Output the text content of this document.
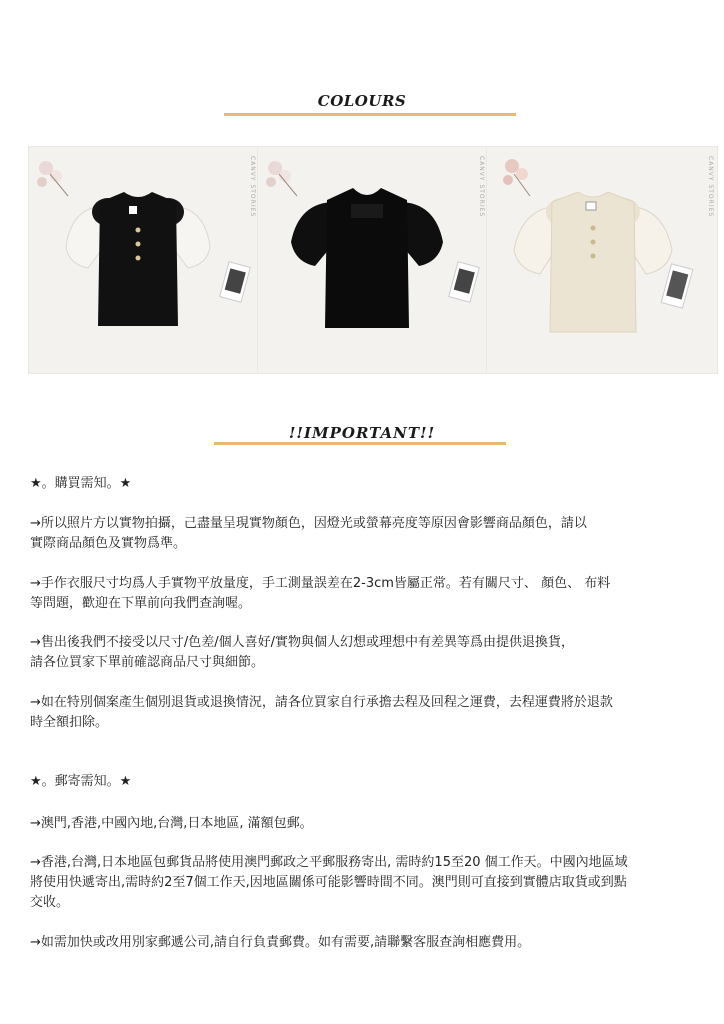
COLOURS
CANVY STORIES	CANVY STORIES	CANVY STORIES
!!IMPORTANT!!
★。購買需知。★
→所以照片方以實物拍攝，己盡量呈現實物顏色，因燈光或螢幕亮度等原因會影響商品顏色，請以
實際商品顏色及實物爲準。
→手作衣服尺寸均爲人手實物平放量度，手工測量誤差在2-3cm皆屬正常。若有關尺寸、 顏色、 布料
等問題，歡迎在下單前向我們查詢喔。
→售出後我們不接受以尺寸/色差/個人喜好/實物與個人幻想或理想中有差異等爲由提供退換貨，
請各位買家下單前確認商品尺寸與細節。
→如在特別個案產生個別退貨或退換情況，請各位買家自行承擔去程及回程之運費，去程運費將於退款
時全額扣除。
★。郵寄需知。★
→澳門,香港,中國內地,台灣,日本地區, 滿額包郵。
→香港,台灣,日本地區包郵貨品將使用澳門郵政之平郵服務寄出, 需時約15至20 個工作天。中國內地區域
將使用快遞寄出,需時約2至7個工作天,因地區關係可能影響時間不同。澳門則可直接到實體店取貨或到點
交收。
→如需加快或改用別家郵遞公司,請自行負責郵費。如有需要,請聯繫客服查詢相應費用。
